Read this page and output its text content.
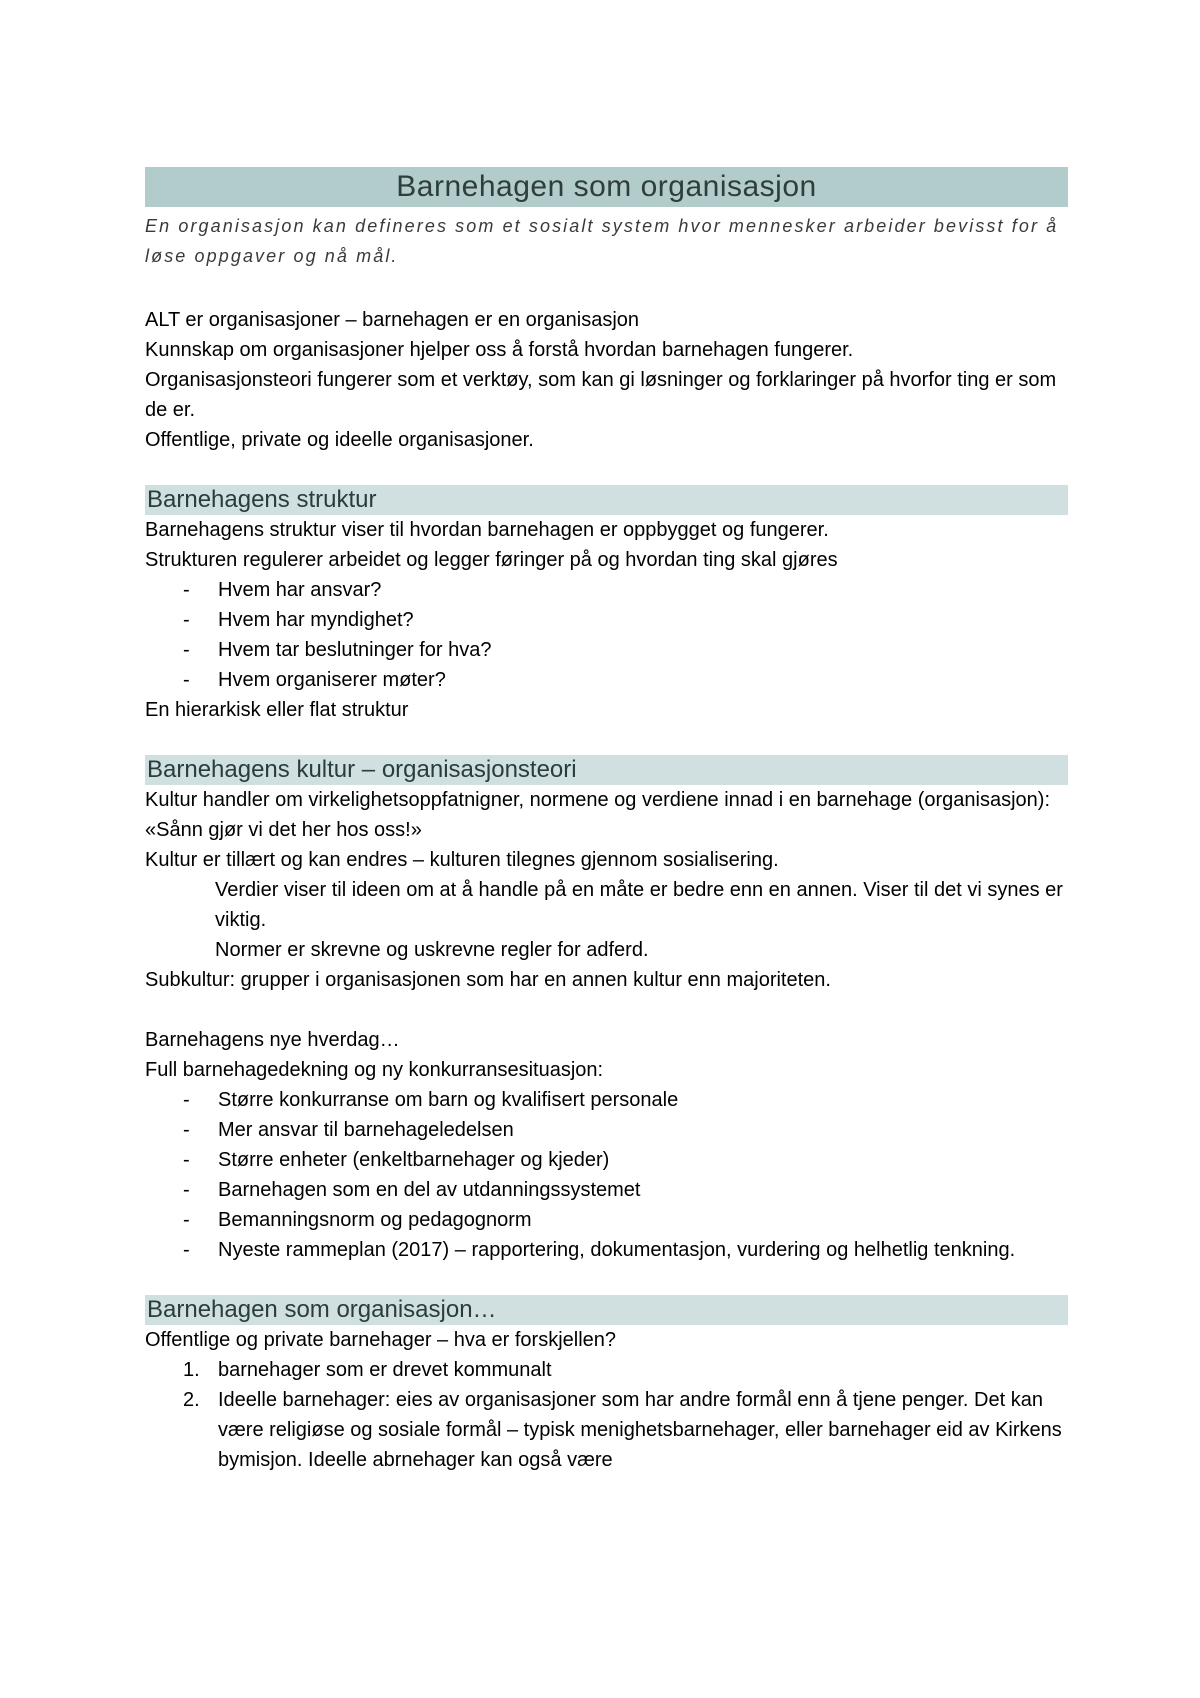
Barnehagen som organisasjon

En organisasjon kan defineres som et sosialt system hvor mennesker arbeider bevisst for å løse oppgaver og nå mål.

ALT er organisasjoner – barnehagen er en organisasjon

Kunnskap om organisasjoner hjelper oss å forstå hvordan barnehagen fungerer.

Organisasjonsteori fungerer som et verktøy, som kan gi løsninger og forklaringer på hvorfor ting er som de er.

Offentlige, private og ideelle organisasjoner.

Barnehagens struktur

Barnehagens struktur viser til hvordan barnehagen er oppbygget og fungerer.

Strukturen regulerer arbeidet og legger føringer på og hvordan ting skal gjøres

- Hvem har ansvar?
- Hvem har myndighet?
- Hvem tar beslutninger for hva?
- Hvem organiserer møter?

En hierarkisk eller flat struktur

Barnehagens kultur – organisasjonsteori

Kultur handler om virkelighetsoppfatnigner, normene og verdiene innad i en barnehage (organisasjon): «Sånn gjør vi det her hos oss!»

Kultur er tillært og kan endres – kulturen tilegnes gjennom sosialisering.

Verdier viser til ideen om at å handle på en måte er bedre enn en annen. Viser til det vi synes er viktig.

Normer er skrevne og uskrevne regler for adferd.

Subkultur: grupper i organisasjonen som har en annen kultur enn majoriteten.

Barnehagens nye hverdag…

Full barnehagedekning og ny konkurransesituasjon:

- Større konkurranse om barn og kvalifisert personale
- Mer ansvar til barnehageledelsen
- Større enheter (enkeltbarnehager og kjeder)
- Barnehagen som en del av utdanningssystemet
- Bemanningsnorm og pedagognorm
- Nyeste rammeplan (2017) – rapportering, dokumentasjon, vurdering og helhetlig tenkning.
Barnehagen som organisasjon…

Offentlige og private barnehager – hva er forskjellen?

1. barnehager som er drevet kommunalt
2. Ideelle barnehager: eies av organisasjoner som har andre formål enn å tjene penger. Det kan være religiøse og sosiale formål – typisk menighetsbarnehager, eller barnehager eid av Kirkens bymisjon. Ideelle abrnehager kan også være
